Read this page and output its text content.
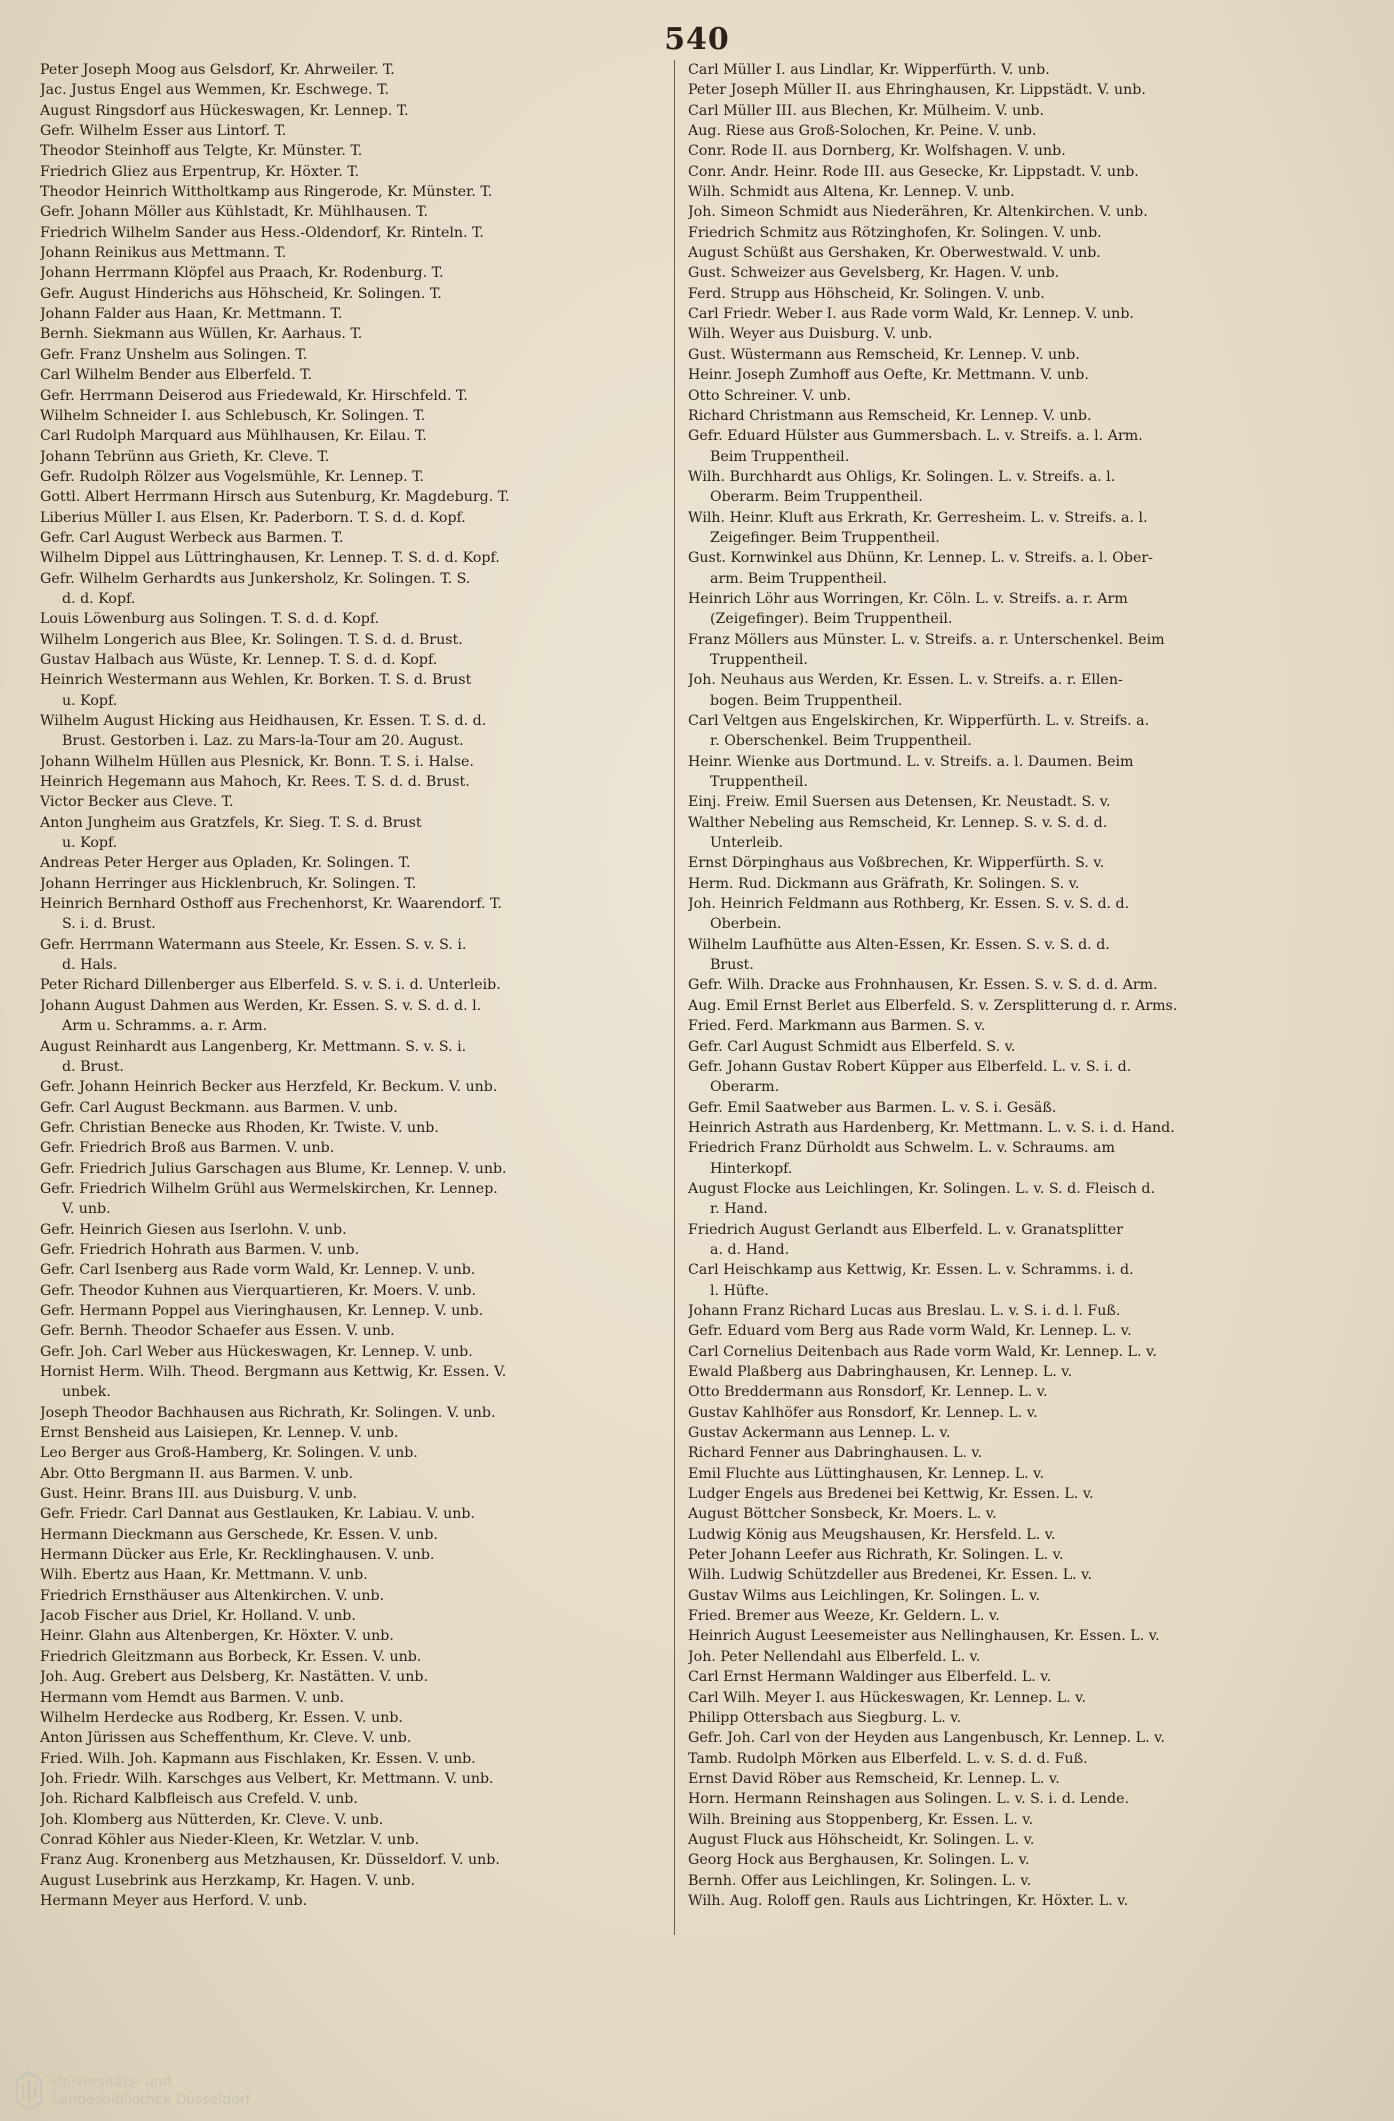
540
Peter Joseph Moog aus Gelsdorf, Kr. Ahrweiler. T.
Jac. Justus Engel aus Wemmen, Kr. Eschwege. T.
August Ringsdorf aus Hückeswagen, Kr. Lennep. T.
Gefr. Wilhelm Esser aus Lintorf. T.
Theodor Steinhoff aus Telgte, Kr. Münster. T.
Friedrich Gliez aus Erpentrup, Kr. Höxter. T.
Theodor Heinrich Wittholtkamp aus Ringerode, Kr. Münster. T.
Gefr. Johann Möller aus Kühlstadt, Kr. Mühlhausen. T.
Friedrich Wilhelm Sander aus Hess.-Oldendorf, Kr. Rinteln. T.
Johann Reinikus aus Mettmann. T.
Johann Herrmann Klöpfel aus Praach, Kr. Rodenburg. T.
Gefr. August Hinderichs aus Höhscheid, Kr. Solingen. T.
Johann Falder aus Haan, Kr. Mettmann. T.
Bernh. Siekmann aus Wüllen, Kr. Aarhaus. T.
Gefr. Franz Unshelm aus Solingen. T.
Carl Wilhelm Bender aus Elberfeld. T.
Gefr. Herrmann Deiserod aus Friedewald, Kr. Hirschfeld. T.
Wilhelm Schneider I. aus Schlebusch, Kr. Solingen. T.
Carl Rudolph Marquard aus Mühlhausen, Kr. Eilau. T.
Johann Tebrünn aus Grieth, Kr. Cleve. T.
Gefr. Rudolph Rölzer aus Vogelsmühle, Kr. Lennep. T.
Gottl. Albert Herrmann Hirsch aus Sutenburg, Kr. Magdeburg. T.
Liberius Müller I. aus Elsen, Kr. Paderborn. T. S. d. d. Kopf.
Gefr. Carl August Werbeck aus Barmen. T.
Wilhelm Dippel aus Lüttringhausen, Kr. Lennep. T. S. d. d. Kopf.
Gefr. Wilhelm Gerhardts aus Junkersholz, Kr. Solingen. T. S.
d. d. Kopf.
Louis Löwenburg aus Solingen. T. S. d. d. Kopf.
Wilhelm Longerich aus Blee, Kr. Solingen. T. S. d. d. Brust.
Gustav Halbach aus Wüste, Kr. Lennep. T. S. d. d. Kopf.
Heinrich Westermann aus Wehlen, Kr. Borken. T. S. d. Brust
u. Kopf.
Wilhelm August Hicking aus Heidhausen, Kr. Essen. T. S. d. d.
Brust. Gestorben i. Laz. zu Mars-la-Tour am 20. August.
Johann Wilhelm Hüllen aus Plesnick, Kr. Bonn. T. S. i. Halse.
Heinrich Hegemann aus Mahoch, Kr. Rees. T. S. d. d. Brust.
Victor Becker aus Cleve. T.
Anton Jungheim aus Gratzfels, Kr. Sieg. T. S. d. Brust
u. Kopf.
Andreas Peter Herger aus Opladen, Kr. Solingen. T.
Johann Herringer aus Hicklenbruch, Kr. Solingen. T.
Heinrich Bernhard Osthoff aus Frechenhorst, Kr. Waarendorf. T.
S. i. d. Brust.
Gefr. Herrmann Watermann aus Steele, Kr. Essen. S. v. S. i.
d. Hals.
Peter Richard Dillenberger aus Elberfeld. S. v. S. i. d. Unterleib.
Johann August Dahmen aus Werden, Kr. Essen. S. v. S. d. d. l.
Arm u. Schramms. a. r. Arm.
August Reinhardt aus Langenberg, Kr. Mettmann. S. v. S. i.
d. Brust.
Gefr. Johann Heinrich Becker aus Herzfeld, Kr. Beckum. V. unb.
Gefr. Carl August Beckmann. aus Barmen. V. unb.
Gefr. Christian Benecke aus Rhoden, Kr. Twiste. V. unb.
Gefr. Friedrich Broß aus Barmen. V. unb.
Gefr. Friedrich Julius Garschagen aus Blume, Kr. Lennep. V. unb.
Gefr. Friedrich Wilhelm Grühl aus Wermelskirchen, Kr. Lennep.
V. unb.
Gefr. Heinrich Giesen aus Iserlohn. V. unb.
Gefr. Friedrich Hohrath aus Barmen. V. unb.
Gefr. Carl Isenberg aus Rade vorm Wald, Kr. Lennep. V. unb.
Gefr. Theodor Kuhnen aus Vierquartieren, Kr. Moers. V. unb.
Gefr. Hermann Poppel aus Vieringhausen, Kr. Lennep. V. unb.
Gefr. Bernh. Theodor Schaefer aus Essen. V. unb.
Gefr. Joh. Carl Weber aus Hückeswagen, Kr. Lennep. V. unb.
Hornist Herm. Wilh. Theod. Bergmann aus Kettwig, Kr. Essen. V.
unbek.
Joseph Theodor Bachhausen aus Richrath, Kr. Solingen. V. unb.
Ernst Bensheid aus Laisiepen, Kr. Lennep. V. unb.
Leo Berger aus Groß-Hamberg, Kr. Solingen. V. unb.
Abr. Otto Bergmann II. aus Barmen. V. unb.
Gust. Heinr. Brans III. aus Duisburg. V. unb.
Gefr. Friedr. Carl Dannat aus Gestlauken, Kr. Labiau. V. unb.
Hermann Dieckmann aus Gerschede, Kr. Essen. V. unb.
Hermann Dücker aus Erle, Kr. Recklinghausen. V. unb.
Wilh. Ebertz aus Haan, Kr. Mettmann. V. unb.
Friedrich Ernsthäuser aus Altenkirchen. V. unb.
Jacob Fischer aus Driel, Kr. Holland. V. unb.
Heinr. Glahn aus Altenbergen, Kr. Höxter. V. unb.
Friedrich Gleitzmann aus Borbeck, Kr. Essen. V. unb.
Joh. Aug. Grebert aus Delsberg, Kr. Nastätten. V. unb.
Hermann vom Hemdt aus Barmen. V. unb.
Wilhelm Herdecke aus Rodberg, Kr. Essen. V. unb.
Anton Jürissen aus Scheffenthum, Kr. Cleve. V. unb.
Fried. Wilh. Joh. Kapmann aus Fischlaken, Kr. Essen. V. unb.
Joh. Friedr. Wilh. Karschges aus Velbert, Kr. Mettmann. V. unb.
Joh. Richard Kalbfleisch aus Crefeld. V. unb.
Joh. Klomberg aus Nütterden, Kr. Cleve. V. unb.
Conrad Köhler aus Nieder-Kleen, Kr. Wetzlar. V. unb.
Franz Aug. Kronenberg aus Metzhausen, Kr. Düsseldorf. V. unb.
August Lusebrink aus Herzkamp, Kr. Hagen. V. unb.
Hermann Meyer aus Herford. V. unb.
Carl Müller I. aus Lindlar, Kr. Wipperfürth. V. unb.
Peter Joseph Müller II. aus Ehringhausen, Kr. Lippstädt. V. unb.
Carl Müller III. aus Blechen, Kr. Mülheim. V. unb.
Aug. Riese aus Groß-Solochen, Kr. Peine. V. unb.
Conr. Rode II. aus Dornberg, Kr. Wolfshagen. V. unb.
Conr. Andr. Heinr. Rode III. aus Gesecke, Kr. Lippstadt. V. unb.
Wilh. Schmidt aus Altena, Kr. Lennep. V. unb.
Joh. Simeon Schmidt aus Niederähren, Kr. Altenkirchen. V. unb.
Friedrich Schmitz aus Rötzinghofen, Kr. Solingen. V. unb.
August Schüßt aus Gershaken, Kr. Oberwestwald. V. unb.
Gust. Schweizer aus Gevelsberg, Kr. Hagen. V. unb.
Ferd. Strupp aus Höhscheid, Kr. Solingen. V. unb.
Carl Friedr. Weber I. aus Rade vorm Wald, Kr. Lennep. V. unb.
Wilh. Weyer aus Duisburg. V. unb.
Gust. Wüstermann aus Remscheid, Kr. Lennep. V. unb.
Heinr. Joseph Zumhoff aus Oefte, Kr. Mettmann. V. unb.
Otto Schreiner. V. unb.
Richard Christmann aus Remscheid, Kr. Lennep. V. unb.
Gefr. Eduard Hülster aus Gummersbach. L. v. Streifs. a. l. Arm.
Beim Truppentheil.
Wilh. Burchhardt aus Ohligs, Kr. Solingen. L. v. Streifs. a. l.
Oberarm. Beim Truppentheil.
Wilh. Heinr. Kluft aus Erkrath, Kr. Gerresheim. L. v. Streifs. a. l.
Zeigefinger. Beim Truppentheil.
Gust. Kornwinkel aus Dhünn, Kr. Lennep. L. v. Streifs. a. l. Ober-
arm. Beim Truppentheil.
Heinrich Löhr aus Worringen, Kr. Cöln. L. v. Streifs. a. r. Arm
(Zeigefinger). Beim Truppentheil.
Franz Möllers aus Münster. L. v. Streifs. a. r. Unterschenkel. Beim
Truppentheil.
Joh. Neuhaus aus Werden, Kr. Essen. L. v. Streifs. a. r. Ellen-
bogen. Beim Truppentheil.
Carl Veltgen aus Engelskirchen, Kr. Wipperfürth. L. v. Streifs. a.
r. Oberschenkel. Beim Truppentheil.
Heinr. Wienke aus Dortmund. L. v. Streifs. a. l. Daumen. Beim
Truppentheil.
Einj. Freiw. Emil Suersen aus Detensen, Kr. Neustadt. S. v.
Walther Nebeling aus Remscheid, Kr. Lennep. S. v. S. d. d.
Unterleib.
Ernst Dörpinghaus aus Voßbrechen, Kr. Wipperfürth. S. v.
Herm. Rud. Dickmann aus Gräfrath, Kr. Solingen. S. v.
Joh. Heinrich Feldmann aus Rothberg, Kr. Essen. S. v. S. d. d.
Oberbein.
Wilhelm Laufhütte aus Alten-Essen, Kr. Essen. S. v. S. d. d.
Brust.
Gefr. Wilh. Dracke aus Frohnhausen, Kr. Essen. S. v. S. d. d. Arm.
Aug. Emil Ernst Berlet aus Elberfeld. S. v. Zersplitterung d. r. Arms.
Fried. Ferd. Markmann aus Barmen. S. v.
Gefr. Carl August Schmidt aus Elberfeld. S. v.
Gefr. Johann Gustav Robert Küpper aus Elberfeld. L. v. S. i. d.
Oberarm.
Gefr. Emil Saatweber aus Barmen. L. v. S. i. Gesäß.
Heinrich Astrath aus Hardenberg, Kr. Mettmann. L. v. S. i. d. Hand.
Friedrich Franz Dürholdt aus Schwelm. L. v. Schraums. am
Hinterkopf.
August Flocke aus Leichlingen, Kr. Solingen. L. v. S. d. Fleisch d.
r. Hand.
Friedrich August Gerlandt aus Elberfeld. L. v. Granatsplitter
a. d. Hand.
Carl Heischkamp aus Kettwig, Kr. Essen. L. v. Schramms. i. d.
l. Hüfte.
Johann Franz Richard Lucas aus Breslau. L. v. S. i. d. l. Fuß.
Gefr. Eduard vom Berg aus Rade vorm Wald, Kr. Lennep. L. v.
Carl Cornelius Deitenbach aus Rade vorm Wald, Kr. Lennep. L. v.
Ewald Plaßberg aus Dabringhausen, Kr. Lennep. L. v.
Otto Breddermann aus Ronsdorf, Kr. Lennep. L. v.
Gustav Kahlhöfer aus Ronsdorf, Kr. Lennep. L. v.
Gustav Ackermann aus Lennep. L. v.
Richard Fenner aus Dabringhausen. L. v.
Emil Fluchte aus Lüttinghausen, Kr. Lennep. L. v.
Ludger Engels aus Bredenei bei Kettwig, Kr. Essen. L. v.
August Böttcher Sonsbeck, Kr. Moers. L. v.
Ludwig König aus Meugshausen, Kr. Hersfeld. L. v.
Peter Johann Leefer aus Richrath, Kr. Solingen. L. v.
Wilh. Ludwig Schützdeller aus Bredenei, Kr. Essen. L. v.
Gustav Wilms aus Leichlingen, Kr. Solingen. L. v.
Fried. Bremer aus Weeze, Kr. Geldern. L. v.
Heinrich August Leesemeister aus Nellinghausen, Kr. Essen. L. v.
Joh. Peter Nellendahl aus Elberfeld. L. v.
Carl Ernst Hermann Waldinger aus Elberfeld. L. v.
Carl Wilh. Meyer I. aus Hückeswagen, Kr. Lennep. L. v.
Philipp Ottersbach aus Siegburg. L. v.
Gefr. Joh. Carl von der Heyden aus Langenbusch, Kr. Lennep. L. v.
Tamb. Rudolph Mörken aus Elberfeld. L. v. S. d. d. Fuß.
Ernst David Röber aus Remscheid, Kr. Lennep. L. v.
Horn. Hermann Reinshagen aus Solingen. L. v. S. i. d. Lende.
Wilh. Breining aus Stoppenberg, Kr. Essen. L. v.
August Fluck aus Höhscheidt, Kr. Solingen. L. v.
Georg Hock aus Berghausen, Kr. Solingen. L. v.
Bernh. Offer aus Leichlingen, Kr. Solingen. L. v.
Wilh. Aug. Roloff gen. Rauls aus Lichtringen, Kr. Höxter. L. v.
Universitäts- und
Landesbibliothek Düsseldorf
